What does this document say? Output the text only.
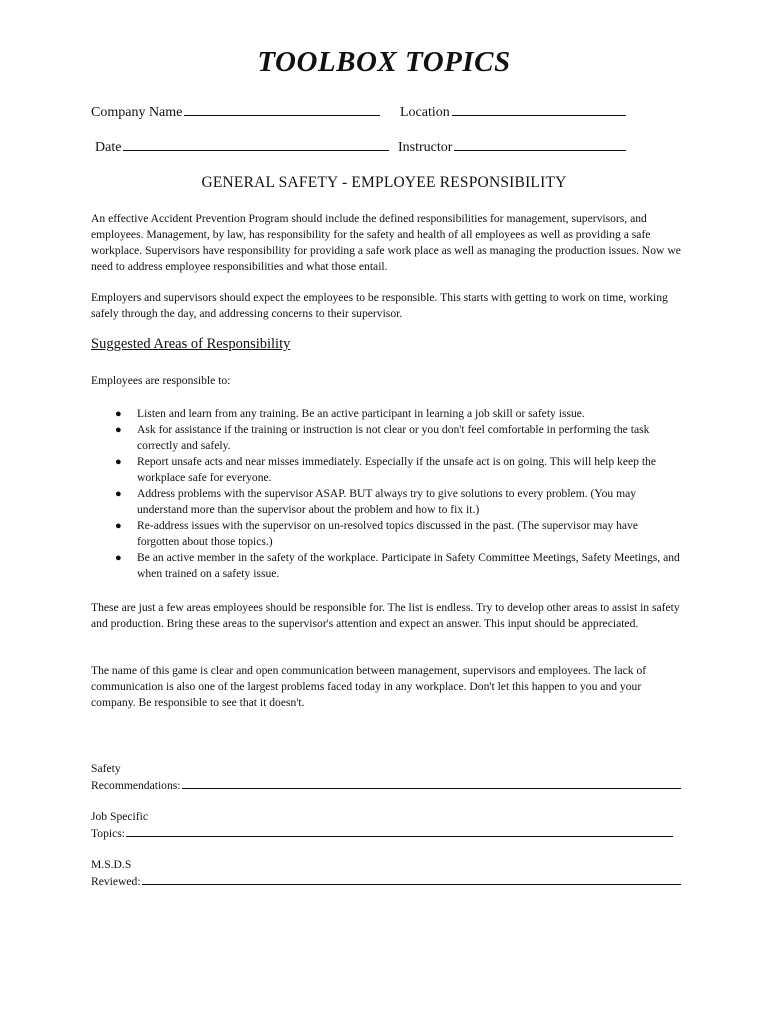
TOOLBOX TOPICS
Company Name	Location
Date	Instructor
GENERAL SAFETY - EMPLOYEE RESPONSIBILITY

An effective Accident Prevention Program should include the defined responsibilities for management, supervisors, and employees. Management, by law, has responsibility for the safety and health of all employees as well as providing a safe workplace. Supervisors have responsibility for providing a safe work place as well as managing the production issues. Now we need to address employee responsibilities and what those entail.

Employers and supervisors should expect the employees to be responsible. This starts with getting to work on time, working safely through the day, and addressing concerns to their supervisor.

Suggested Areas of Responsibility

Employees are responsible to:

● Listen and learn from any training. Be an active participant in learning a job skill or safety issue.
● Ask for assistance if the training or instruction is not clear or you don't feel comfortable in performing the task correctly and safely.
● Report unsafe acts and near misses immediately. Especially if the unsafe act is on going. This will help keep the workplace safe for everyone.
● Address problems with the supervisor ASAP. BUT always try to give solutions to every problem. (You may understand more than the supervisor about the problem and how to fix it.)
● Re-address issues with the supervisor on un-resolved topics discussed in the past. (The supervisor may have forgotten about those topics.)
● Be an active member in the safety of the workplace. Participate in Safety Committee Meetings, Safety Meetings, and when trained on a safety issue.

These are just a few areas employees should be responsible for. The list is endless. Try to develop other areas to assist in safety and production. Bring these areas to the supervisor's attention and expect an answer. This input should be appreciated.

The name of this game is clear and open communication between management, supervisors and employees. The lack of communication is also one of the largest problems faced today in any workplace. Don't let this happen to you and your company. Be responsible to see that it doesn't.

Safety
Recommendations:
Job Specific
Topics:
M.S.D.S
Reviewed:
